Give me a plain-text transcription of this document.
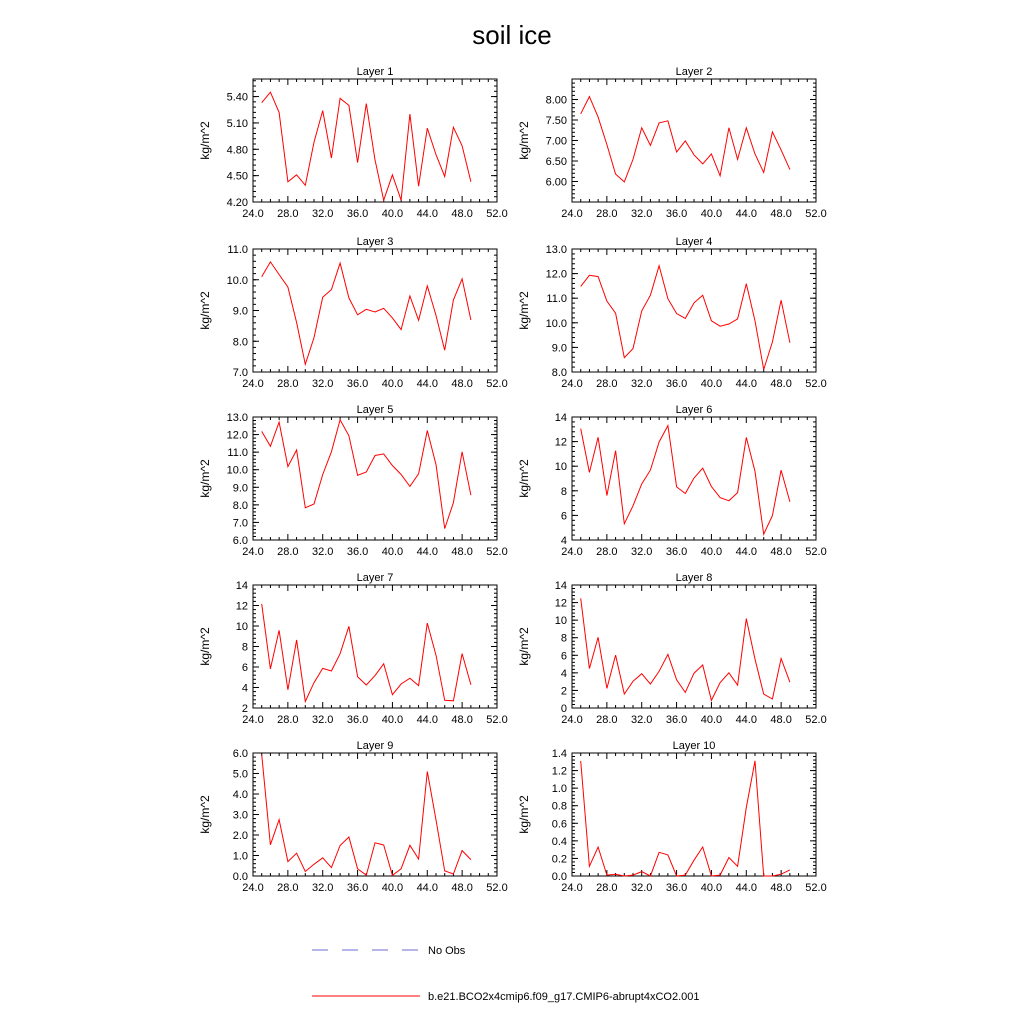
soil ice
Layer 1
24.0 28.0 32.0 36.0 40.0 44.0 48.0 52.0
4.20
4.50
4.80
5.10
5.40
kg/m^2
Layer 2
24.0 28.0 32.0 36.0 40.0 44.0 48.0 52.0
6.00
6.50
7.00
7.50
8.00
kg/m^2
Layer 3
24.0 28.0 32.0 36.0 40.0 44.0 48.0 52.0
7.0
8.0
9.0
10.0
11.0
kg/m^2
Layer 4
24.0 28.0 32.0 36.0 40.0 44.0 48.0 52.0
8.0
9.0
10.0
11.0
12.0
13.0
kg/m^2
Layer 5
24.0 28.0 32.0 36.0 40.0 44.0 48.0 52.0
6.0
7.0
8.0
9.0
10.0
11.0
12.0
13.0
kg/m^2
Layer 6
24.0 28.0 32.0 36.0 40.0 44.0 48.0 52.0
4
6
8
10
12
14
kg/m^2
Layer 7
24.0 28.0 32.0 36.0 40.0 44.0 48.0 52.0
2
4
6
8
10
12
14
kg/m^2
Layer 8
24.0 28.0 32.0 36.0 40.0 44.0 48.0 52.0
0
2
4
6
8
10
12
14
kg/m^2
Layer 9
24.0 28.0 32.0 36.0 40.0 44.0 48.0 52.0
0.0
1.0
2.0
3.0
4.0
5.0
6.0
kg/m^2
Layer 10
24.0 28.0 32.0 36.0 40.0 44.0 48.0 52.0
0.0
0.2
0.4
0.6
0.8
1.0
1.2
1.4
kg/m^2
No Obs
b.e21.BCO2x4cmip6.f09_g17.CMIP6-abrupt4xCO2.001
